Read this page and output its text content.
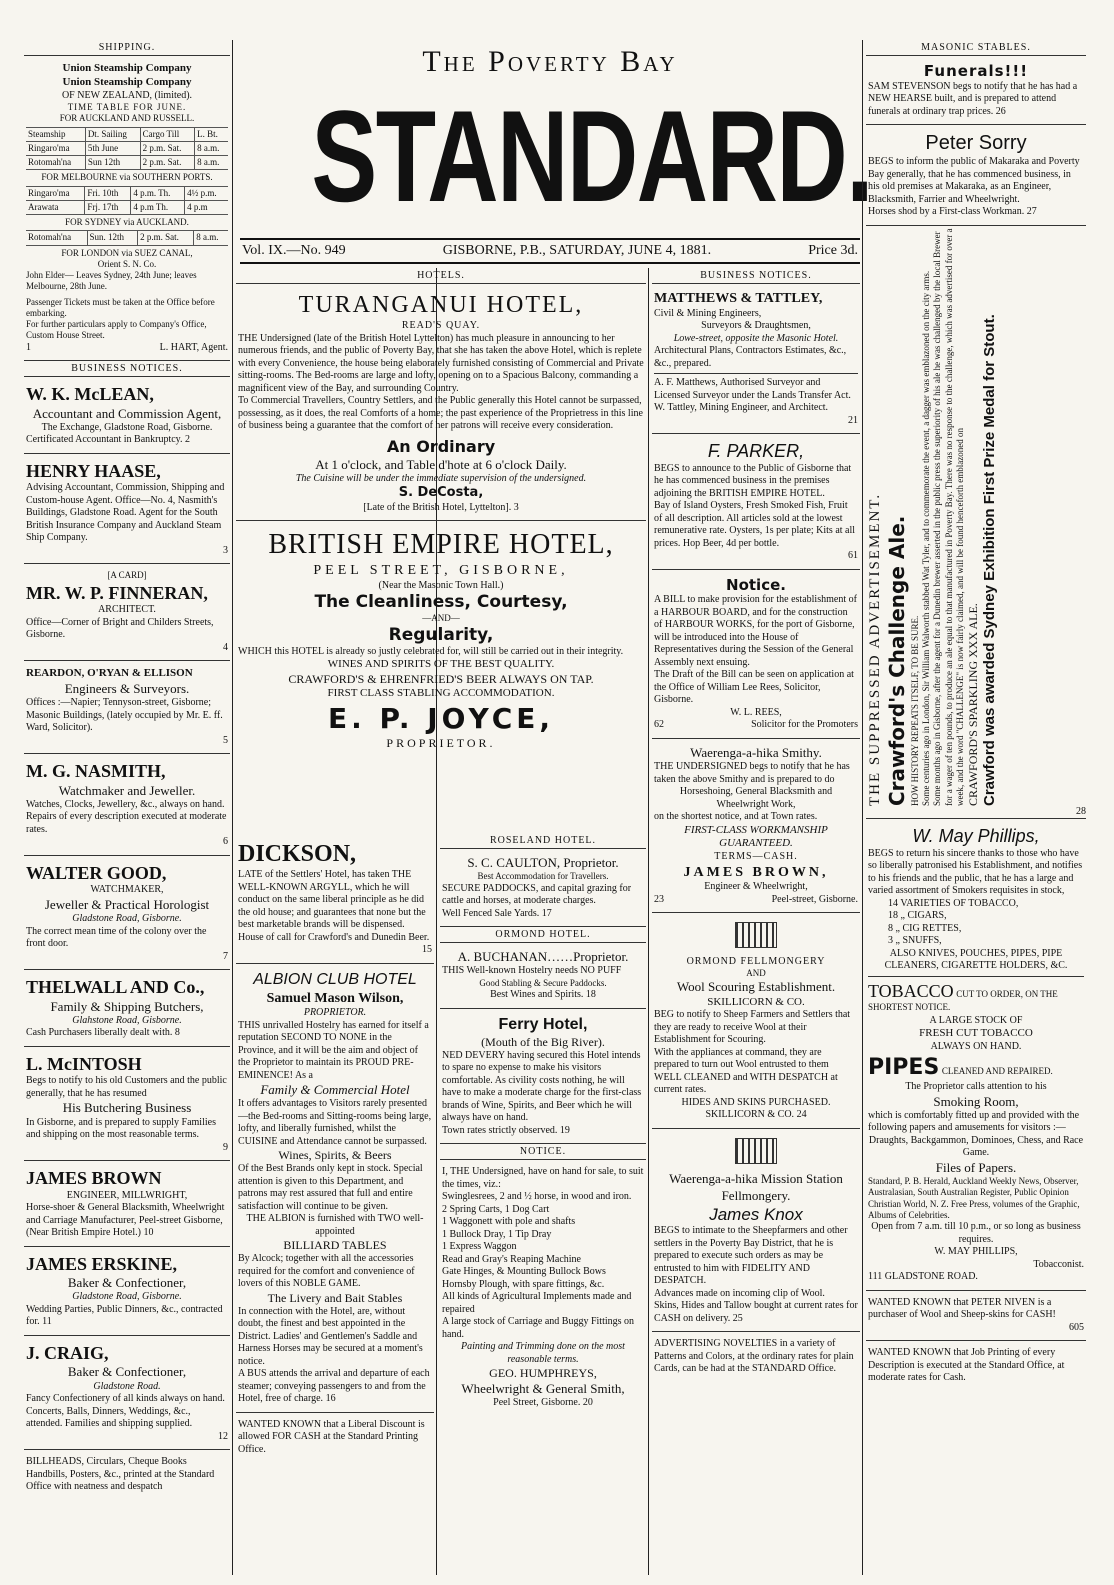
The Poverty Bay
STANDARD.
Vol. IX.—No. 949	GISBORNE, P.B., SATURDAY, JUNE 4, 1881.	Price 3d.
SHIPPING.
Union Steamship Company
Union Steamship Company
OF NEW ZEALAND, (limited).
TIME TABLE FOR JUNE.
FOR AUCKLAND AND RUSSELL.
Steamship	Dt. Sailing	Cargo Till	L. Bt.
Ringaro'ma	5th June	2 p.m. Sat.	8 a.m.
Rotomah'na	Sun 12th	2 p.m. Sat.	8 a.m.
FOR MELBOURNE via SOUTHERN PORTS.
Ringaro'ma	Fri. 10th	4 p.m. Th.	4½ p.m.
Arawata	Frj. 17th	4 p.m Th.	4 p.m
FOR SYDNEY via AUCKLAND.
Rotomah'na	Sun. 12th	2 p.m. Sat.	8 a.m.
FOR LONDON via SUEZ CANAL,
Orient S. N. Co.
John Elder— Leaves Sydney, 24th June; leaves Melbourne, 28th June.
Passenger Tickets must be taken at the Office before embarking.
For further particulars apply to Company's Office, Custom House Street.
1	L. HART, Agent.
BUSINESS NOTICES.
W. K. McLEAN,
Accountant and Commission Agent,
The Exchange, Gladstone Road, Gisborne.
Certificated Accountant in Bankruptcy. 2
HENRY HAASE,
Advising Accountant, Commission, Shipping and Custom-house Agent. Office—No. 4, Nasmith's Buildings, Gladstone Road. Agent for the South British Insurance Company and Auckland Steam Ship Company.
3
[A CARD]
MR. W. P. FINNERAN,
ARCHITECT.
Office—Corner of Bright and Childers Streets, Gisborne.
4
REARDON, O'RYAN & ELLISON
Engineers & Surveyors.
Offices :—Napier; Tennyson-street, Gisborne; Masonic Buildings, (lately occupied by Mr. E. ff. Ward, Solicitor).
5
M. G. NASMITH,
Watchmaker and Jeweller.
Watches, Clocks, Jewellery, &c., always on hand. Repairs of every description executed at moderate rates.
6
WALTER GOOD,
WATCHMAKER,
Jeweller & Practical Horologist
Gladstone Road, Gisborne.
The correct mean time of the colony over the front door.
7
THELWALL AND Co.,
Family & Shipping Butchers,
Glahstone Road, Gisborne.
Cash Purchasers liberally dealt with. 8
L. McINTOSH
Begs to notify to his old Customers and the public generally, that he has resumed
His Butchering Business
In Gisborne, and is prepared to supply Families and shipping on the most reasonable terms.
9
JAMES BROWN
ENGINEER, MILLWRIGHT,
Horse-shoer & General Blacksmith, Wheelwright and Carriage Manufacturer, Peel-street Gisborne,
(Near British Empire Hotel.) 10
JAMES ERSKINE,
Baker & Confectioner,
Gladstone Road, Gisborne.
Wedding Parties, Public Dinners, &c., contracted for. 11
J. CRAIG,
Baker & Confectioner,
Gladstone Road.
Fancy Confectionery of all kinds always on hand. Concerts, Balls, Dinners, Weddings, &c., attended. Families and shipping supplied.
12
BILLHEADS, Circulars, Cheque Books Handbills, Posters, &c., printed at the Standard Office with neatness and despatch
HOTELS.
TURANGANUI HOTEL,
READ'S QUAY.
THE Undersigned (late of the British Hotel Lyttelton) has much pleasure in announcing to her numerous friends, and the public of Poverty Bay, that she has taken the above Hotel, which is replete with every Convenience, the house being elaborately furnished consisting of Commercial and Private sitting-rooms. The Bed-rooms are large and lofty, opening on to a Spacious Balcony, commanding a magnificent view of the Bay, and surrounding Country.
To Commercial Travellers, Country Settlers, and the Public generally this Hotel cannot be surpassed, possessing, as it does, the real Comforts of a home; the past experience of the Proprietress in this line of business being a guarantee that the comfort of her patrons will receive every consideration.
An Ordinary
At 1 o'clock, and Table d'hote at 6 o'clock Daily.
The Cuisine will be under the immediate supervision of the undersigned.
S. DeCosta,
[Late of the British Hotel, Lyttelton]. 3
BRITISH EMPIRE HOTEL,
PEEL STREET, GISBORNE,
(Near the Masonic Town Hall.)
The Cleanliness, Courtesy,
—AND—
Regularity,
WHICH this HOTEL is already so justly celebrated for, will still be carried out in their integrity.
WINES AND SPIRITS OF THE BEST QUALITY.
CRAWFORD'S & EHRENFRIED'S BEER ALWAYS ON TAP.
FIRST CLASS STABLING ACCOMMODATION.
E. P. JOYCE,
PROPRIETOR.
DICKSON,
LATE of the Settlers' Hotel, has taken THE WELL-KNOWN ARGYLL, which he will conduct on the same liberal principle as he did the old house; and guarantees that none but the best marketable brands will be dispensed.
House of call for Crawford's and Dunedin Beer.
15
ALBION CLUB HOTEL
Samuel Mason Wilson,
PROPRIETOR.
THIS unrivalled Hostelry has earned for itself a reputation SECOND TO NONE in the Province, and it will be the aim and object of the Proprietor to maintain its PROUD PRE-EMINENCE! As a
Family & Commercial Hotel
It offers advantages to Visitors rarely presented—the Bed-rooms and Sitting-rooms being large, lofty, and liberally furnished, whilst the CUISINE and Attendance cannot be surpassed.
Wines, Spirits, & Beers
Of the Best Brands only kept in stock. Special attention is given to this Department, and patrons may rest assured that full and entire satisfaction will continue to be given.
THE ALBION is furnished with TWO well-appointed
BILLIARD TABLES
By Alcock; together with all the accessories required for the comfort and convenience of lovers of this NOBLE GAME.
The Livery and Bait Stables
In connection with the Hotel, are, without doubt, the finest and best appointed in the District. Ladies' and Gentlemen's Saddle and Harness Horses may be secured at a moment's notice.
A BUS attends the arrival and departure of each steamer; conveying passengers to and from the Hotel, free of charge. 16
WANTED KNOWN that a Liberal Discount is allowed FOR CASH at the Standard Printing Office.
ROSELAND HOTEL.
S. C. CAULTON, Proprietor.
Best Accommodation for Travellers.
SECURE PADDOCKS, and capital grazing for cattle and horses, at moderate charges.
Well Fenced Sale Yards. 17
ORMOND HOTEL.
A. BUCHANAN……Proprietor.
THIS Well-known Hostelry needs NO PUFF
Good Stabling & Secure Paddocks.
Best Wines and Spirits. 18
Ferry Hotel,
(Mouth of the Big River).
NED DEVERY having secured this Hotel intends to spare no expense to make his visitors comfortable. As civility costs nothing, he will have to make a moderate charge for the first-class brands of Wine, Spirits, and Beer which he will always have on hand.
Town rates strictly observed. 19
NOTICE.
I, THE Undersigned, have on hand for sale, to suit the times, viz.:
Swinglesrees, 2 and ½ horse, in wood and iron.
2 Spring Carts, 1 Dog Cart
1 Waggonett with pole and shafts
1 Bullock Dray, 1 Tip Dray
1 Express Waggon
Read and Gray's Reaping Machine
Gate Hinges, & Mounting Bullock Bows
Hornsby Plough, with spare fittings, &c.
All kinds of Agricultural Implements made and repaired
A large stock of Carriage and Buggy Fittings on hand.
Painting and Trimming done on the most reasonable terms.
GEO. HUMPHREYS,
Wheelwright & General Smith,
Peel Street, Gisborne. 20
BUSINESS NOTICES.
MATTHEWS & TATTLEY,
Civil & Mining Engineers,
Surveyors & Draughtsmen,
Lowe-street, opposite the Masonic Hotel.
Architectural Plans, Contractors Estimates, &c., &c., prepared.
A. F. Matthews, Authorised Surveyor and Licensed Surveyor under the Lands Transfer Act.
W. Tattley, Mining Engineer, and Architect.
21
F. PARKER,
BEGS to announce to the Public of Gisborne that he has commenced business in the premises adjoining the BRITISH EMPIRE HOTEL.
Bay of Island Oysters, Fresh Smoked Fish, Fruit of all description. All articles sold at the lowest remunerative rate. Oysters, 1s per plate; Kits at all prices. Hop Beer, 4d per bottle.
61
Notice.
A BILL to make provision for the establishment of a HARBOUR BOARD, and for the construction of HARBOUR WORKS, for the port of Gisborne, will be introduced into the House of Representatives during the Session of the General Assembly next ensuing.
The Draft of the Bill can be seen on application at the Office of William Lee Rees, Solicitor, Gisborne.
W. L. REES,
62	Solicitor for the Promoters
Waerenga-a-hika Smithy.
THE UNDERSIGNED begs to notify that he has taken the above Smithy and is prepared to do
Horseshoing, General Blacksmith and Wheelwright Work,
on the shortest notice, and at Town rates.
FIRST-CLASS WORKMANSHIP GUARANTEED.
TERMS—CASH.
JAMES BROWN,
Engineer & Wheelwright,
23	Peel-street, Gisborne.
ORMOND FELLMONGERY
AND
Wool Scouring Establishment.
SKILLICORN & CO.
BEG to notify to Sheep Farmers and Settlers that they are ready to receive Wool at their Establishment for Scouring.
With the appliances at command, they are prepared to turn out Wool entrusted to them WELL CLEANED and WITH DESPATCH at current rates.
HIDES AND SKINS PURCHASED.
SKILLICORN & CO. 24
Waerenga-a-hika Mission Station Fellmongery.
James Knox
BEGS to intimate to the Sheepfarmers and other settlers in the Poverty Bay District, that he is prepared to execute such orders as may be entrusted to him with FIDELITY AND DESPATCH.
Advances made on incoming clip of Wool.
Skins, Hides and Tallow bought at current rates for CASH on delivery. 25
ADVERTISING NOVELTIES in a variety of Patterns and Colors, at the ordinary rates for plain Cards, can be had at the STANDARD Office.
MASONIC STABLES.
Funerals!!!
SAM STEVENSON begs to notify that he has had a NEW HEARSE built, and is prepared to attend funerals at ordinary trap prices. 26
Peter Sorry
BEGS to inform the public of Makaraka and Poverty Bay generally, that he has commenced business, in his old premises at Makaraka, as an Engineer, Blacksmith, Farrier and Wheelwright.
Horses shod by a First-class Workman. 27
THE SUPPRESSED ADVERTISEMENT. Crawford's Challenge Ale. HOW HISTORY REPEATS ITSELF, TO BE SURE. Some centuries ago in London, Sir William Walworth stabbed Wat Tyler, and to commemorate the event, a dagger was emblazoned on the city arms. Some months ago in Gisborne, after the agent for a Dunedin brewer asserted in the public press the superiority of his ale he was challenged by the local Brewer for a wager of ten pounds, to produce an ale equal to that manufactured in Poverty Bay. There was no response to the challenge, which was advertised for over a week, and the word "CHALLENGE" is now fairly claimed, and will be found henceforth emblazoned on CRAWFORD'S SPARKLING XXX ALE. Crawford was awarded Sydney Exhibition First Prize Medal for Stout.
28
W. May Phillips,
BEGS to return his sincere thanks to those who have so liberally patronised his Establishment, and notifies to his friends and the public, that he has a large and varied assortment of Smokers requisites in stock,
14 VARIETIES OF TOBACCO,
18 „ CIGARS,
8 „ CIG RETTES,
3 „ SNUFFS,
ALSO KNIVES, POUCHES, PIPES, PIPE CLEANERS, CIGARETTE HOLDERS, &C.
TOBACCO CUT TO ORDER, ON THE SHORTEST NOTICE.
A LARGE STOCK OF
FRESH CUT TOBACCO
ALWAYS ON HAND.
PIPES CLEANED AND REPAIRED.
The Proprietor calls attention to his
Smoking Room,
which is comfortably fitted up and provided with the following papers and amusements for visitors :—
Draughts, Backgammon, Dominoes, Chess, and Race Game.
Files of Papers.
Standard, P. B. Herald, Auckland Weekly News, Observer, Australasian, South Australian Register, Public Opinion Christian World, N. Z. Free Press, volumes of the Graphic, Albums of Celebrities.
Open from 7 a.m. till 10 p.m., or so long as business requires.
W. MAY PHILLIPS,
Tobacconist.
111 GLADSTONE ROAD.
WANTED KNOWN that PETER NIVEN is a purchaser of Wool and Sheep-skins for CASH!
605
WANTED KNOWN that Job Printing of every Description is executed at the Standard Office, at moderate rates for Cash.
